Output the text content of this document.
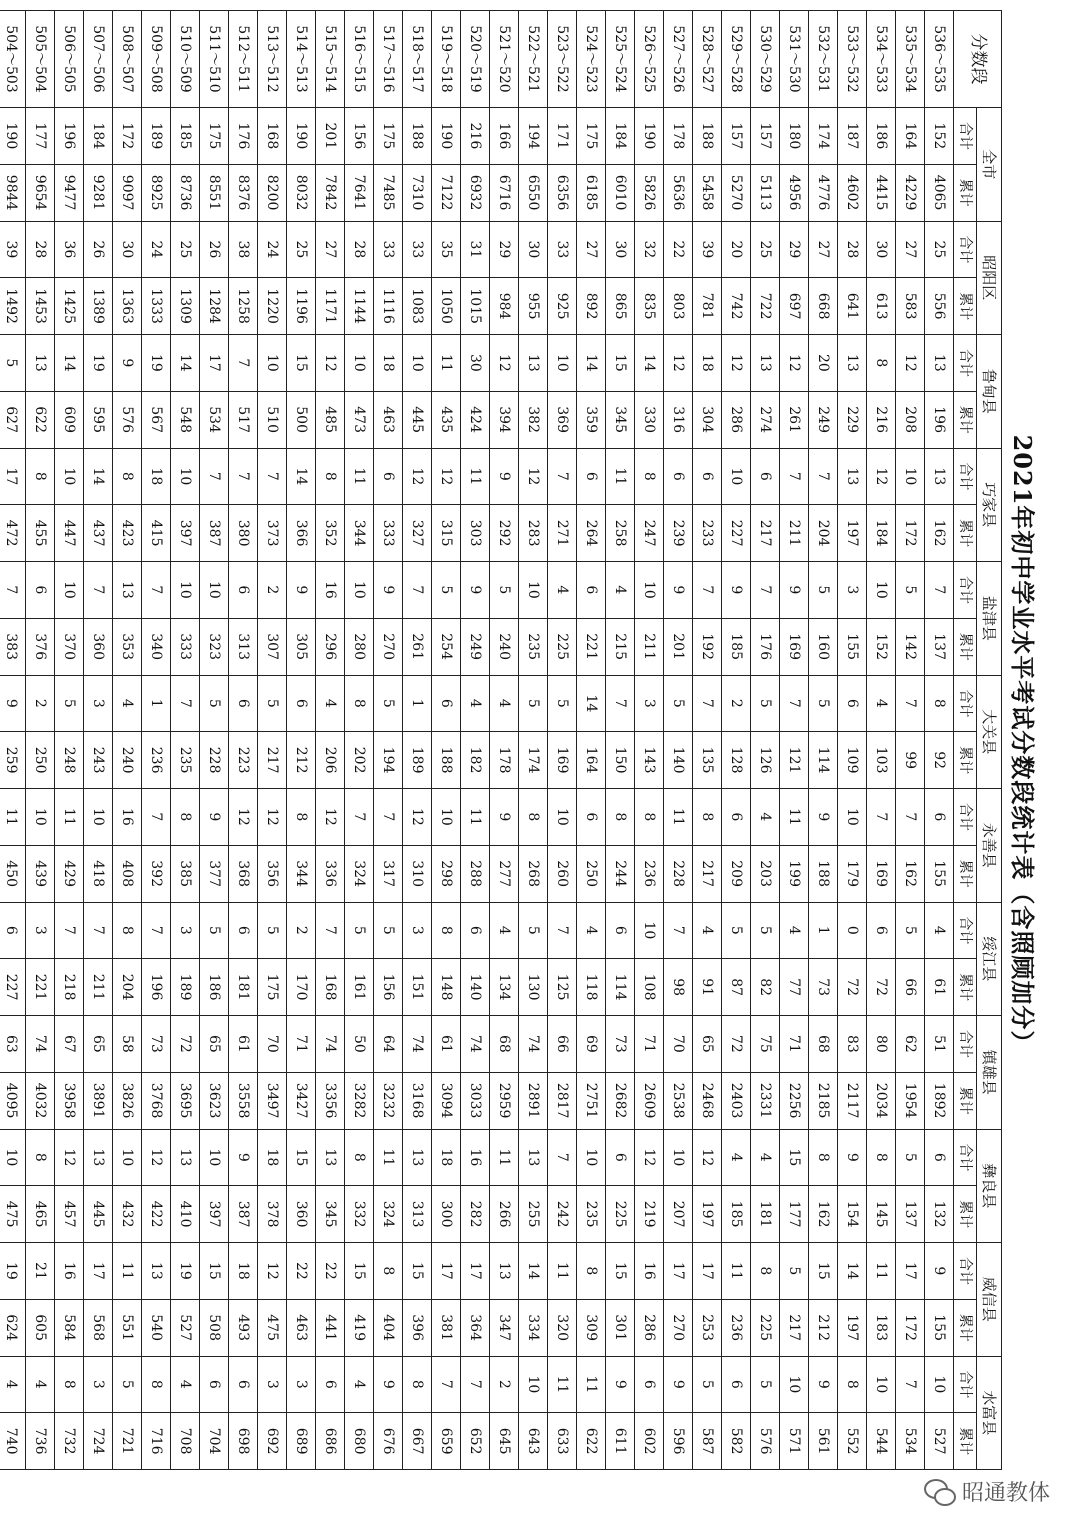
2021年初中学业水平考试分数段统计表（含照顾加分）
分数段	全市		昭阳区		鲁甸县		巧家县		盐津县		大关县		永善县		绥江县		镇雄县		彝良县		威信县		水富县	
	合计	累计	合计	累计	合计	累计	合计	累计	合计	累计	合计	累计	合计	累计	合计	累计	合计	累计	合计	累计	合计	累计	合计	累计
536～535	152	4065	25	556	13	196	13	162	7	137	8	92	6	155	4	61	51	1892	6	132	9	155	10	527
535～534	164	4229	27	583	12	208	10	172	5	142	7	99	7	162	5	66	62	1954	5	137	17	172	7	534
534～533	186	4415	30	613	8	216	12	184	10	152	4	103	7	169	6	72	80	2034	8	145	11	183	10	544
533～532	187	4602	28	641	13	229	13	197	3	155	6	109	10	179	0	72	83	2117	9	154	14	197	8	552
532～531	174	4776	27	668	20	249	7	204	5	160	5	114	9	188	1	73	68	2185	8	162	15	212	9	561
531～530	180	4956	29	697	12	261	7	211	9	169	7	121	11	199	4	77	71	2256	15	177	5	217	10	571
530～529	157	5113	25	722	13	274	6	217	7	176	5	126	4	203	5	82	75	2331	4	181	8	225	5	576
529～528	157	5270	20	742	12	286	10	227	9	185	2	128	6	209	5	87	72	2403	4	185	11	236	6	582
528～527	188	5458	39	781	18	304	6	233	7	192	7	135	8	217	4	91	65	2468	12	197	17	253	5	587
527～526	178	5636	22	803	12	316	6	239	9	201	5	140	11	228	7	98	70	2538	10	207	17	270	9	596
526～525	190	5826	32	835	14	330	8	247	10	211	3	143	8	236	10	108	71	2609	12	219	16	286	6	602
525～524	184	6010	30	865	15	345	11	258	4	215	7	150	8	244	6	114	73	2682	6	225	15	301	9	611
524～523	175	6185	27	892	14	359	6	264	6	221	14	164	6	250	4	118	69	2751	10	235	8	309	11	622
523～522	171	6356	33	925	10	369	7	271	4	225	5	169	10	260	7	125	66	2817	7	242	11	320	11	633
522～521	194	6550	30	955	13	382	12	283	10	235	5	174	8	268	5	130	74	2891	13	255	14	334	10	643
521～520	166	6716	29	984	12	394	9	292	5	240	4	178	9	277	4	134	68	2959	11	266	13	347	2	645
520～519	216	6932	31	1015	30	424	11	303	9	249	4	182	11	288	6	140	74	3033	16	282	17	364	7	652
519～518	190	7122	35	1050	11	435	12	315	5	254	6	188	10	298	8	148	61	3094	18	300	17	381	7	659
518～517	188	7310	33	1083	10	445	12	327	7	261	1	189	12	310	3	151	74	3168	13	313	15	396	8	667
517～516	175	7485	33	1116	18	463	6	333	9	270	5	194	7	317	5	156	64	3232	11	324	8	404	9	676
516～515	156	7641	28	1144	10	473	11	344	10	280	8	202	7	324	5	161	50	3282	8	332	15	419	4	680
515～514	201	7842	27	1171	12	485	8	352	16	296	4	206	12	336	7	168	74	3356	13	345	22	441	6	686
514～513	190	8032	25	1196	15	500	14	366	9	305	6	212	8	344	2	170	71	3427	15	360	22	463	3	689
513～512	168	8200	24	1220	10	510	7	373	2	307	5	217	12	356	5	175	70	3497	18	378	12	475	3	692
512～511	176	8376	38	1258	7	517	7	380	6	313	6	223	12	368	6	181	61	3558	9	387	18	493	6	698
511～510	175	8551	26	1284	17	534	7	387	10	323	5	228	9	377	5	186	65	3623	10	397	15	508	6	704
510～509	185	8736	25	1309	14	548	10	397	10	333	7	235	8	385	3	189	72	3695	13	410	19	527	4	708
509～508	189	8925	24	1333	19	567	18	415	7	340	1	236	7	392	7	196	73	3768	12	422	13	540	8	716
508～507	172	9097	30	1363	9	576	8	423	13	353	4	240	16	408	8	204	58	3826	10	432	11	551	5	721
507～506	184	9281	26	1389	19	595	14	437	7	360	3	243	10	418	7	211	65	3891	13	445	17	568	3	724
506～505	196	9477	36	1425	14	609	10	447	10	370	5	248	11	429	7	218	67	3958	12	457	16	584	8	732
505～504	177	9654	28	1453	13	622	8	455	6	376	2	250	10	439	3	221	74	4032	8	465	21	605	4	736
504～503	190	9844	39	1492	5	627	17	472	7	383	9	259	11	450	6	227	63	4095	10	475	19	624	4	740

昭通教体
